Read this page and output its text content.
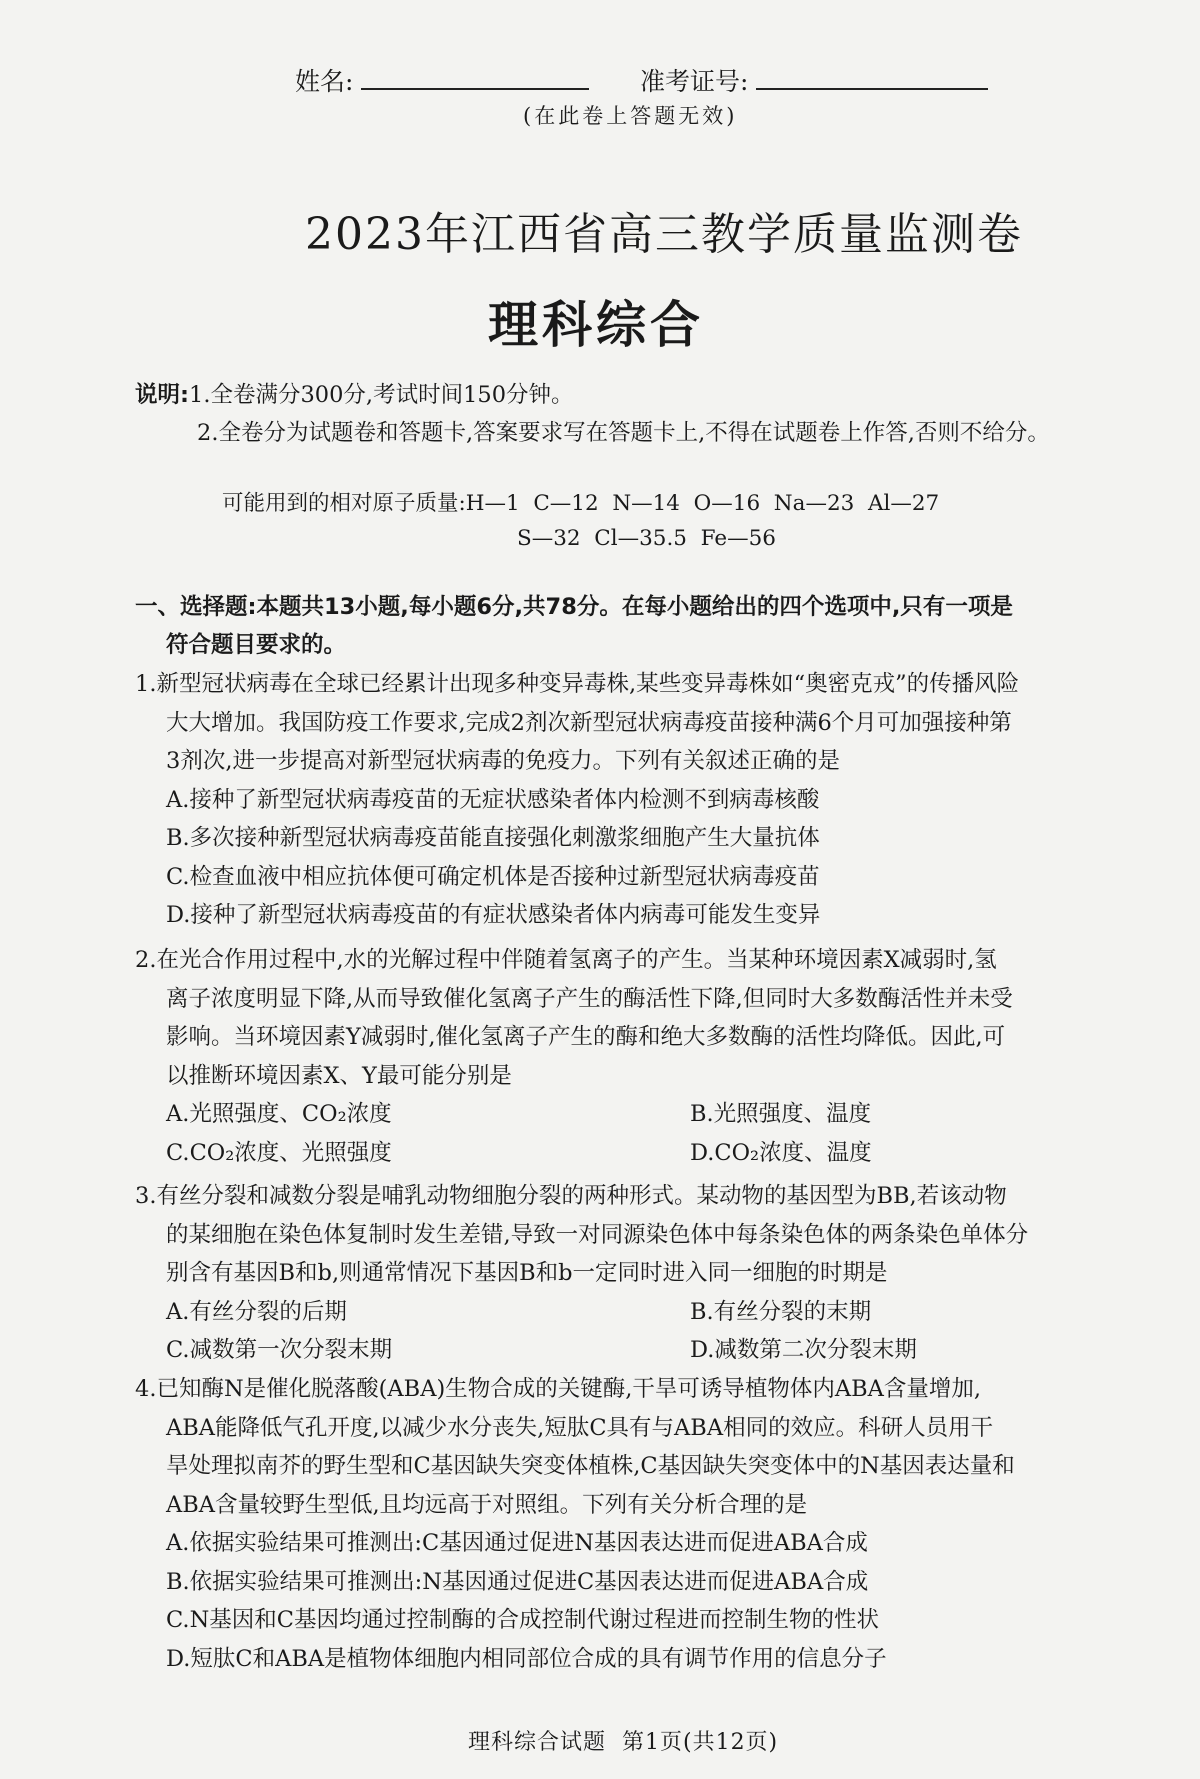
姓名:	准考证号:
(在此卷上答题无效)
2023年江西省高三教学质量监测卷
理科综合
说明:1.全卷满分300分,考试时间150分钟。
2.全卷分为试题卷和答题卡,答案要求写在答题卡上,不得在试题卷上作答,否则不给分。
可能用到的相对原子质量:H—1  C—12  N—14  O—16  Na—23  Al—27
S—32  Cl—35.5  Fe—56
一、选择题:本题共13小题,每小题6分,共78分。在每小题给出的四个选项中,只有一项是
符合题目要求的。

1.新型冠状病毒在全球已经累计出现多种变异毒株,某些变异毒株如“奥密克戎”的传播风险

大大增加。我国防疫工作要求,完成2剂次新型冠状病毒疫苗接种满6个月可加强接种第

3剂次,进一步提高对新型冠状病毒的免疫力。下列有关叙述正确的是

A.接种了新型冠状病毒疫苗的无症状感染者体内检测不到病毒核酸

B.多次接种新型冠状病毒疫苗能直接强化刺激浆细胞产生大量抗体

C.检查血液中相应抗体便可确定机体是否接种过新型冠状病毒疫苗

D.接种了新型冠状病毒疫苗的有症状感染者体内病毒可能发生变异

2.在光合作用过程中,水的光解过程中伴随着氢离子的产生。当某种环境因素X减弱时,氢

离子浓度明显下降,从而导致催化氢离子产生的酶活性下降,但同时大多数酶活性并未受

影响。当环境因素Y减弱时,催化氢离子产生的酶和绝大多数酶的活性均降低。因此,可

以推断环境因素X、Y最可能分别是

A.光照强度、CO₂浓度	B.光照强度、温度
C.CO₂浓度、光照强度	D.CO₂浓度、温度

3.有丝分裂和减数分裂是哺乳动物细胞分裂的两种形式。某动物的基因型为BB,若该动物

的某细胞在染色体复制时发生差错,导致一对同源染色体中每条染色体的两条染色单体分

别含有基因B和b,则通常情况下基因B和b一定同时进入同一细胞的时期是

A.有丝分裂的后期	B.有丝分裂的末期
C.减数第一次分裂末期	D.减数第二次分裂末期

4.已知酶N是催化脱落酸(ABA)生物合成的关键酶,干旱可诱导植物体内ABA含量增加,

ABA能降低气孔开度,以减少水分丧失,短肽C具有与ABA相同的效应。科研人员用干

旱处理拟南芥的野生型和C基因缺失突变体植株,C基因缺失突变体中的N基因表达量和

ABA含量较野生型低,且均远高于对照组。下列有关分析合理的是

A.依据实验结果可推测出:C基因通过促进N基因表达进而促进ABA合成

B.依据实验结果可推测出:N基因通过促进C基因表达进而促进ABA合成

C.N基因和C基因均通过控制酶的合成控制代谢过程进而控制生物的性状

D.短肽C和ABA是植物体细胞内相同部位合成的具有调节作用的信息分子

理科综合试题  第1页(共12页)
